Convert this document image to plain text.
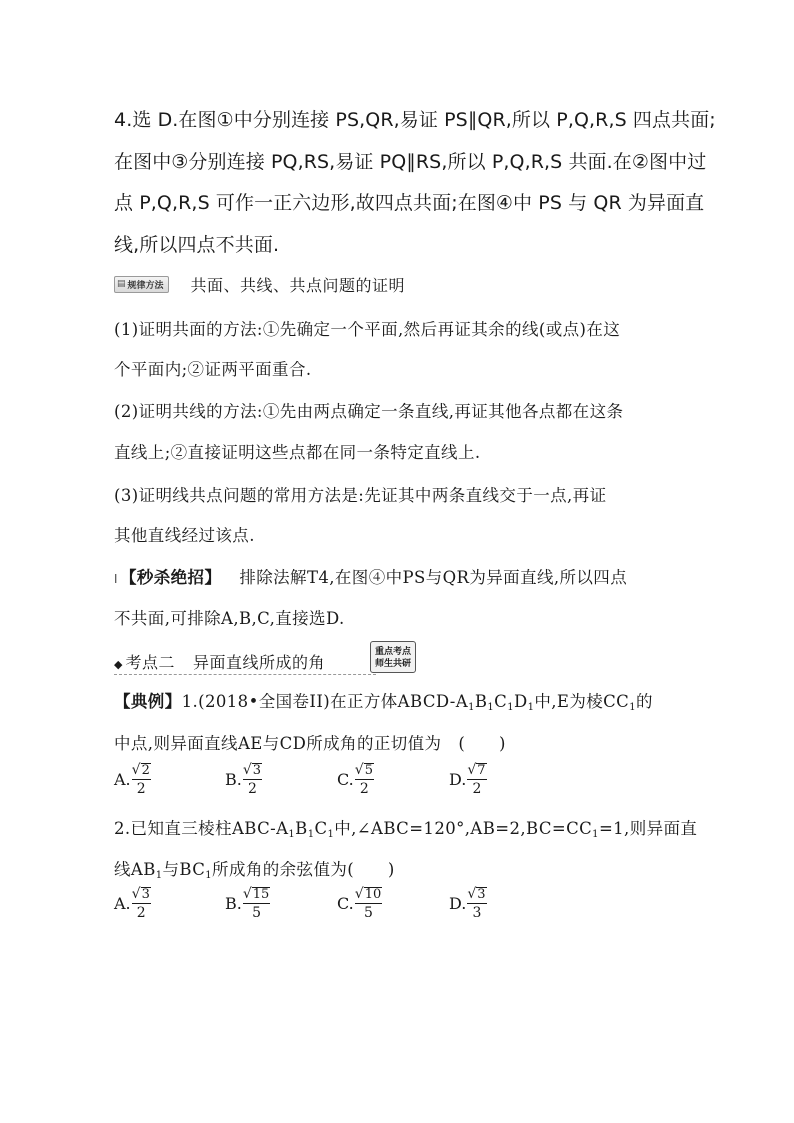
4.选 D.在图①中分别连接 PS,QR,易证 PS∥QR,所以 P,Q,R,S 四点共面;
在图中③分别连接 PQ,RS,易证 PQ∥RS,所以 P,Q,R,S 共面.在②图中过
点 P,Q,R,S 可作一正六边形,故四点共面;在图④中 PS 与 QR 为异面直
线,所以四点不共面.
▤ 规律方法 共面、共线、共点问题的证明
(1)证明共面的方法:①先确定一个平面,然后再证其余的线(或点)在这
个平面内;②证两平面重合.
(2)证明共线的方法:①先由两点确定一条直线,再证其他各点都在这条
直线上;②直接证明这些点都在同一条特定直线上.
(3)证明线共点问题的常用方法是:先证其中两条直线交于一点,再证
其他直线经过该点.
ǀ 【秒杀绝招】 排除法解T4,在图④中PS与QR为异面直线,所以四点
不共面,可排除A,B,C,直接选D.
◆ 考点二 异面直线所成的角
重点考点
师生共研
【典例】1.(2018•全国卷II)在正方体ABCD-$A_1B_1C_1D_1$中,E为棱$CC_1$的
中点,则异面直线AE与CD所成角的正切值为　(　　)
A. $\frac{√ 2}{2}$	B. $\frac{√ 3}{2}$	C. $\frac{√ 5}{2}$	D. $\frac{√ 7}{2}$
2.已知直三棱柱ABC-$A_1B_1C_1$中$,\angle ABC=120^\circ,AB=2,BC=CC_1=1$,则异面直
线$AB_1$与$BC_1$所成角的余弦值为(　　)
A. $\frac{√ 3}{2}$	B. $\frac{√ 15}{5}$	C. $\frac{√ 10}{5}$	D. $\frac{√ 3}{3}$
